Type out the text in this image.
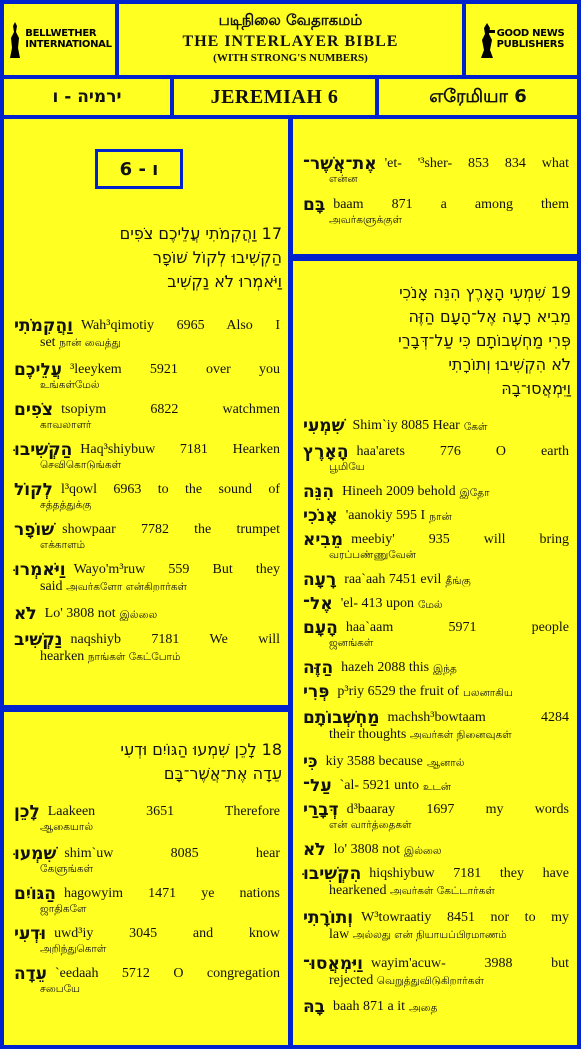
BELLWETHER
INTERNATIONAL
படிநிலை வேதாகமம்
THE INTERLAYER BIBLE
(WITH STRONG'S NUMBERS)
GOOD NEWS
PUBLISHERS
ירמיה - ו	JEREMIAH 6	எரேமியா 6
ו - 6
17 וַהֲקִמֹתִי עֲלֵיכֶם צֹפִים
הַקְשִׁיבוּ לְקוֹל שׁוֹפָר
וַיֹּאמְרוּ לֹא נַקְשִׁיב
וַהֲקִמֹתִי Wah³qimotiy 6965 Also I
set நான் வைத்து
עֲלֵיכֶם ³leeykem 5921 over you
உங்கள்மேல்
צֹפִים tsopiym 6822 watchmen
காவலாளர்
הַקְשִׁיבוּ Haq³shiybuw 7181 Hearken
செவிகொடுங்கள்
לְקוֹל l³qowl 6963 to the sound of
சத்தத்துக்கு
שׁוֹפָר showpaar 7782 the trumpet
எக்காளம்
וַיֹּאמְרוּ Wayo'm³ruw 559 But they
said அவர்களோ என்கிறார்கள்
לֹא Lo' 3808 not இல்லை
נַקְשִׁיב naqshiyb 7181 We will
hearken நாங்கள் கேட்போம்
18 לָכֵן שִׁמְעוּ הַגּוֹיִם וּדְעִי
עֵדָה אֶת־אֲשֶׁר־בָּם
לָכֵן Laakeen 3651 Therefore
ஆகையால்
שִׁמְעוּ shim`uw 8085 hear
கேளுங்கள்
הַגּוֹיִם hagowyim 1471 ye nations
ஜாதிகளே
וּדְעִי uwd³iy 3045 and know
அறிந்துகொள்
עֵדָה `eedaah 5712 O congregation
சபையே
אֶת־אֲשֶׁר־ 'et- '³sher- 853 834 what
என்ன
בָּם baam 871 a among them
அவர்களுக்குள்
19 שִׁמְעִי הָאָרֶץ הִנֵּה אָנֹכִי
מֵבִיא רָעָה אֶל־הָעָם הַזֶּה
פְּרִי מַחְשְׁבוֹתָם כִּי עַל־דְּבָרַי
לֹא הִקְשִׁיבוּ וְתוֹרָתִי
וַיִּמְאֲסוּ־בָהּ
שִׁמְעִי Shim`iy 8085 Hear கேள்
הָאָרֶץ haa'arets 776 O earth
பூமியே
הִנֵּה Hineeh 2009 behold இதோ
אָנֹכִי 'aanokiy 595 I நான்
מֵבִיא meebiy' 935 will bring
வரப்பண்ணுவேன்
רָעָה raa`aah 7451 evil தீங்கு
אֶל־ 'el- 413 upon மேல்
הָעָם haa`aam 5971 people
ஜனங்கள்
הַזֶּה hazeh 2088 this இந்த
פְּרִי p³riy 6529 the fruit of பலனாகிய
מַחְשְׁבוֹתָם machsh³bowtaam 4284
their thoughts அவர்கள் நினைவுகள்
כִּי kiy 3588 because ஆனால்
עַל־ `al- 5921 unto உடன்
דְּבָרַי d³baaray 1697 my words
என் வார்த்தைகள்
לֹא lo' 3808 not இல்லை
הִקְשִׁיבוּ hiqshiybuw 7181 they have
hearkened அவர்கள் கேட்டார்கள்
וְתוֹרָתִי W³towraatiy 8451 nor to my
law அல்லது என் நியாயப்பிரமாணம்
וַיִּמְאֲסוּ־ wayim'acuw- 3988 but
rejected வெறுத்துவிடுகிறார்கள்
בָהּ baah 871 a it அதை
